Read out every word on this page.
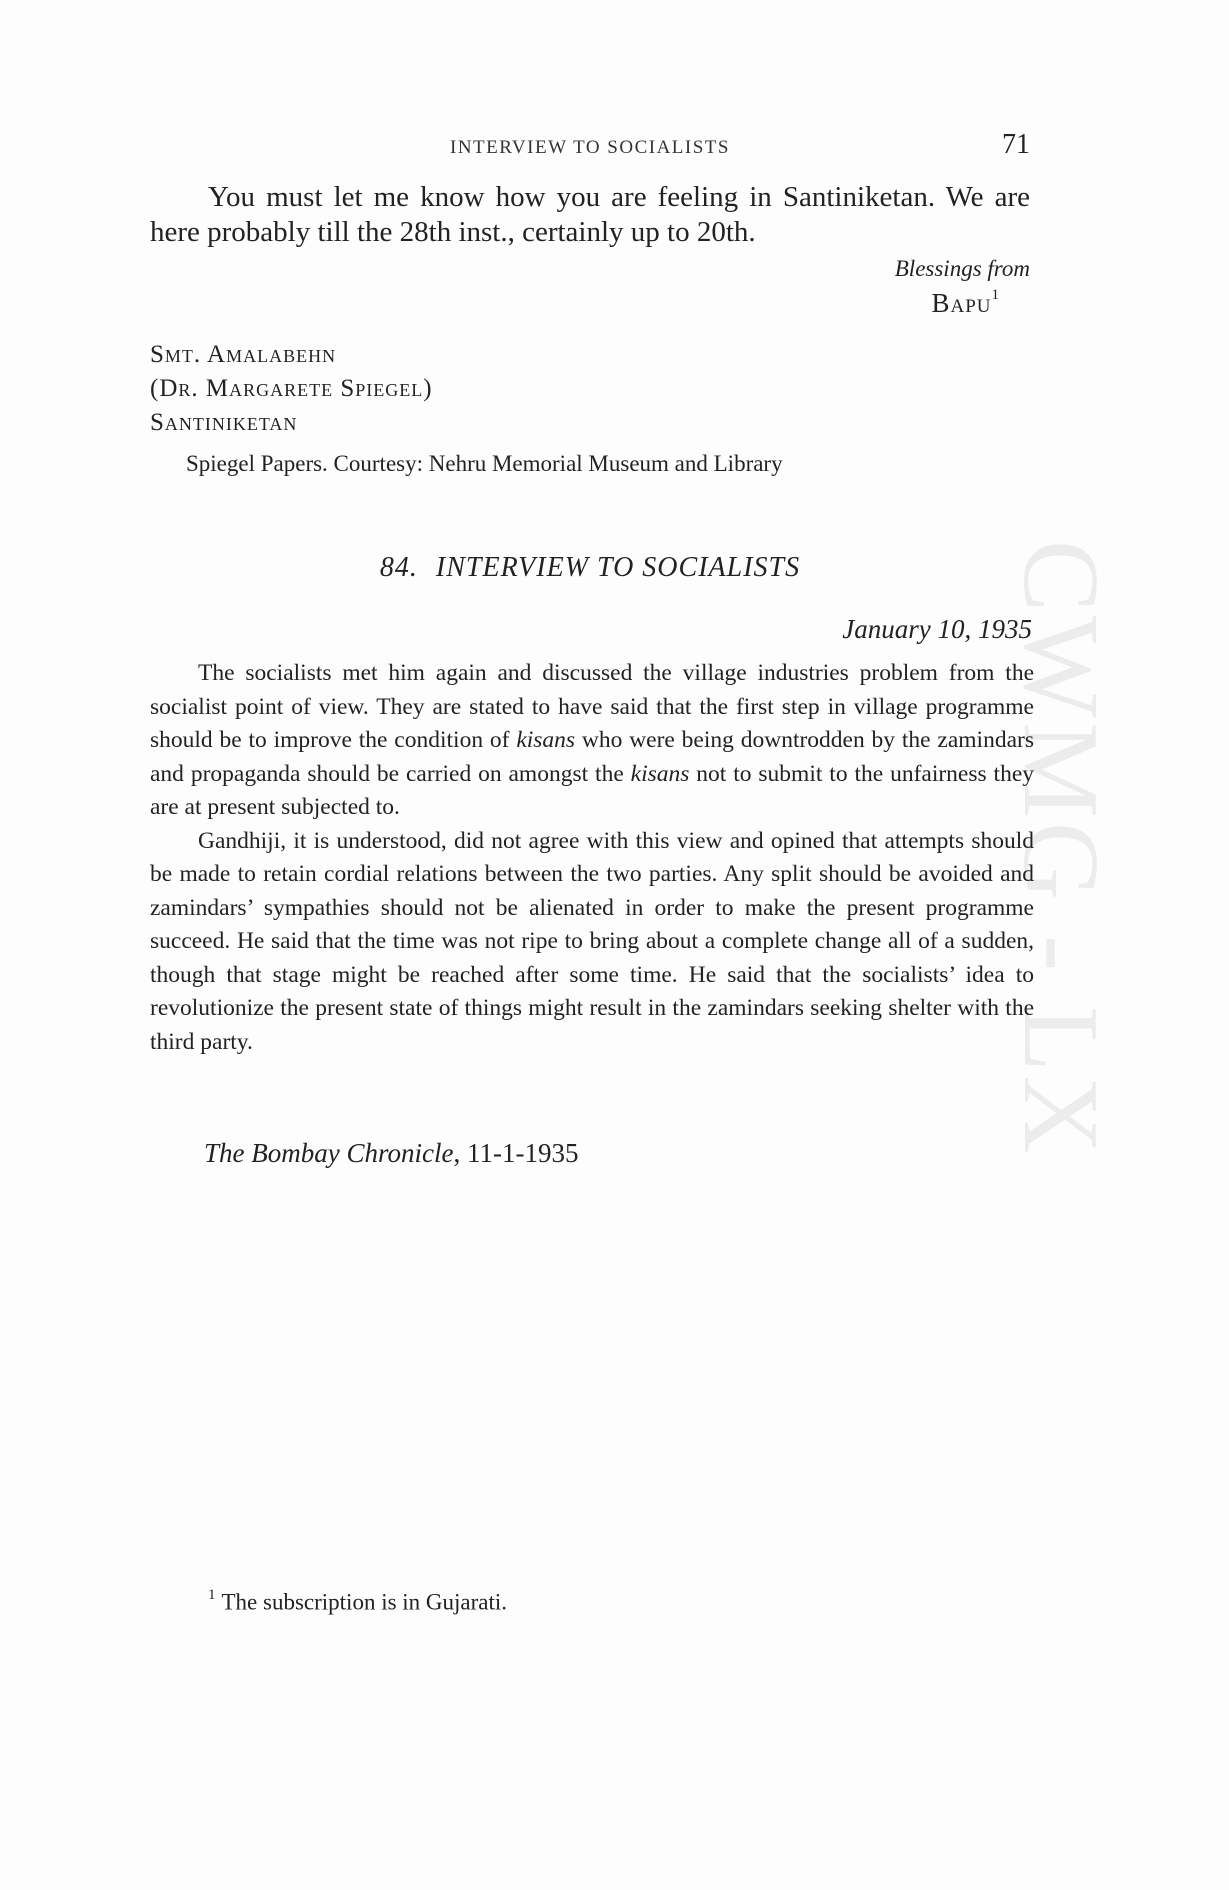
CWMG - LX
INTERVIEW TO SOCIALISTS	71

You must let me know how you are feeling in Santiniketan. We are here probably till the 28th inst., certainly up to 20th.

Blessings from
Bapu$^1$
Smt. Amalabehn
(Dr. Margarete Spiegel)
Santiniketan
Spiegel Papers. Courtesy: Nehru Memorial Museum and Library
84. INTERVIEW TO SOCIALISTS
January 10, 1935

The socialists met him again and discussed the village industries problem from the socialist point of view. They are stated to have said that the first step in village programme should be to improve the condition of kisans who were being downtrodden by the zamindars and propaganda should be carried on amongst the kisans not to submit to the unfairness they are at present subjected to.

Gandhiji, it is understood, did not agree with this view and opined that attempts should be made to retain cordial relations between the two parties. Any split should be avoided and zamindars’ sympathies should not be alienated in order to make the present programme succeed. He said that the time was not ripe to bring about a complete change all of a sudden, though that stage might be reached after some time. He said that the socialists’ idea to revolutionize the present state of things might result in the zamindars seeking shelter with the third party.

The Bombay Chronicle, 11-1-1935
$^1$ The subscription is in Gujarati.
